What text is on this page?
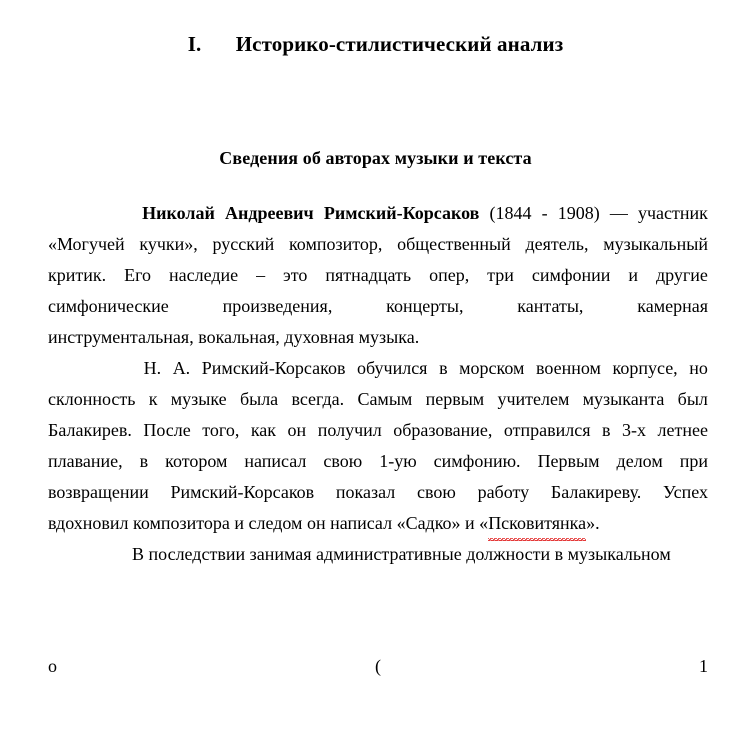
I. Историко-стилистический анализ
Сведения об авторах музыки и текста
Николай Андреевич Римский-Корсаков (1844 - 1908) — участник
«Могучей кучки», русский композитор, общественный деятель, музыкальный
критик. Его наследие – это пятнадцать опер, три симфонии и другие
симфонические	произведения,	концерты,	кантаты,	камерная
инструментальная, вокальная, духовная музыка.
Н. А. Римский-Корсаков обучился в морском военном корпусе, но
склонность к музыке была всегда. Самым первым учителем музыканта был
Балакирев. После того, как он получил образование, отправился в 3-х летнее
плавание, в котором написал свою 1-ую симфонию. Первым делом при
возвращении Римский-Корсаков показал свою работу Балакиреву. Успех
вдохновил композитора и следом он написал «Садко» и « Псковитянка ».
В последствии занимая административные должности в музыкальном

о	(	1
